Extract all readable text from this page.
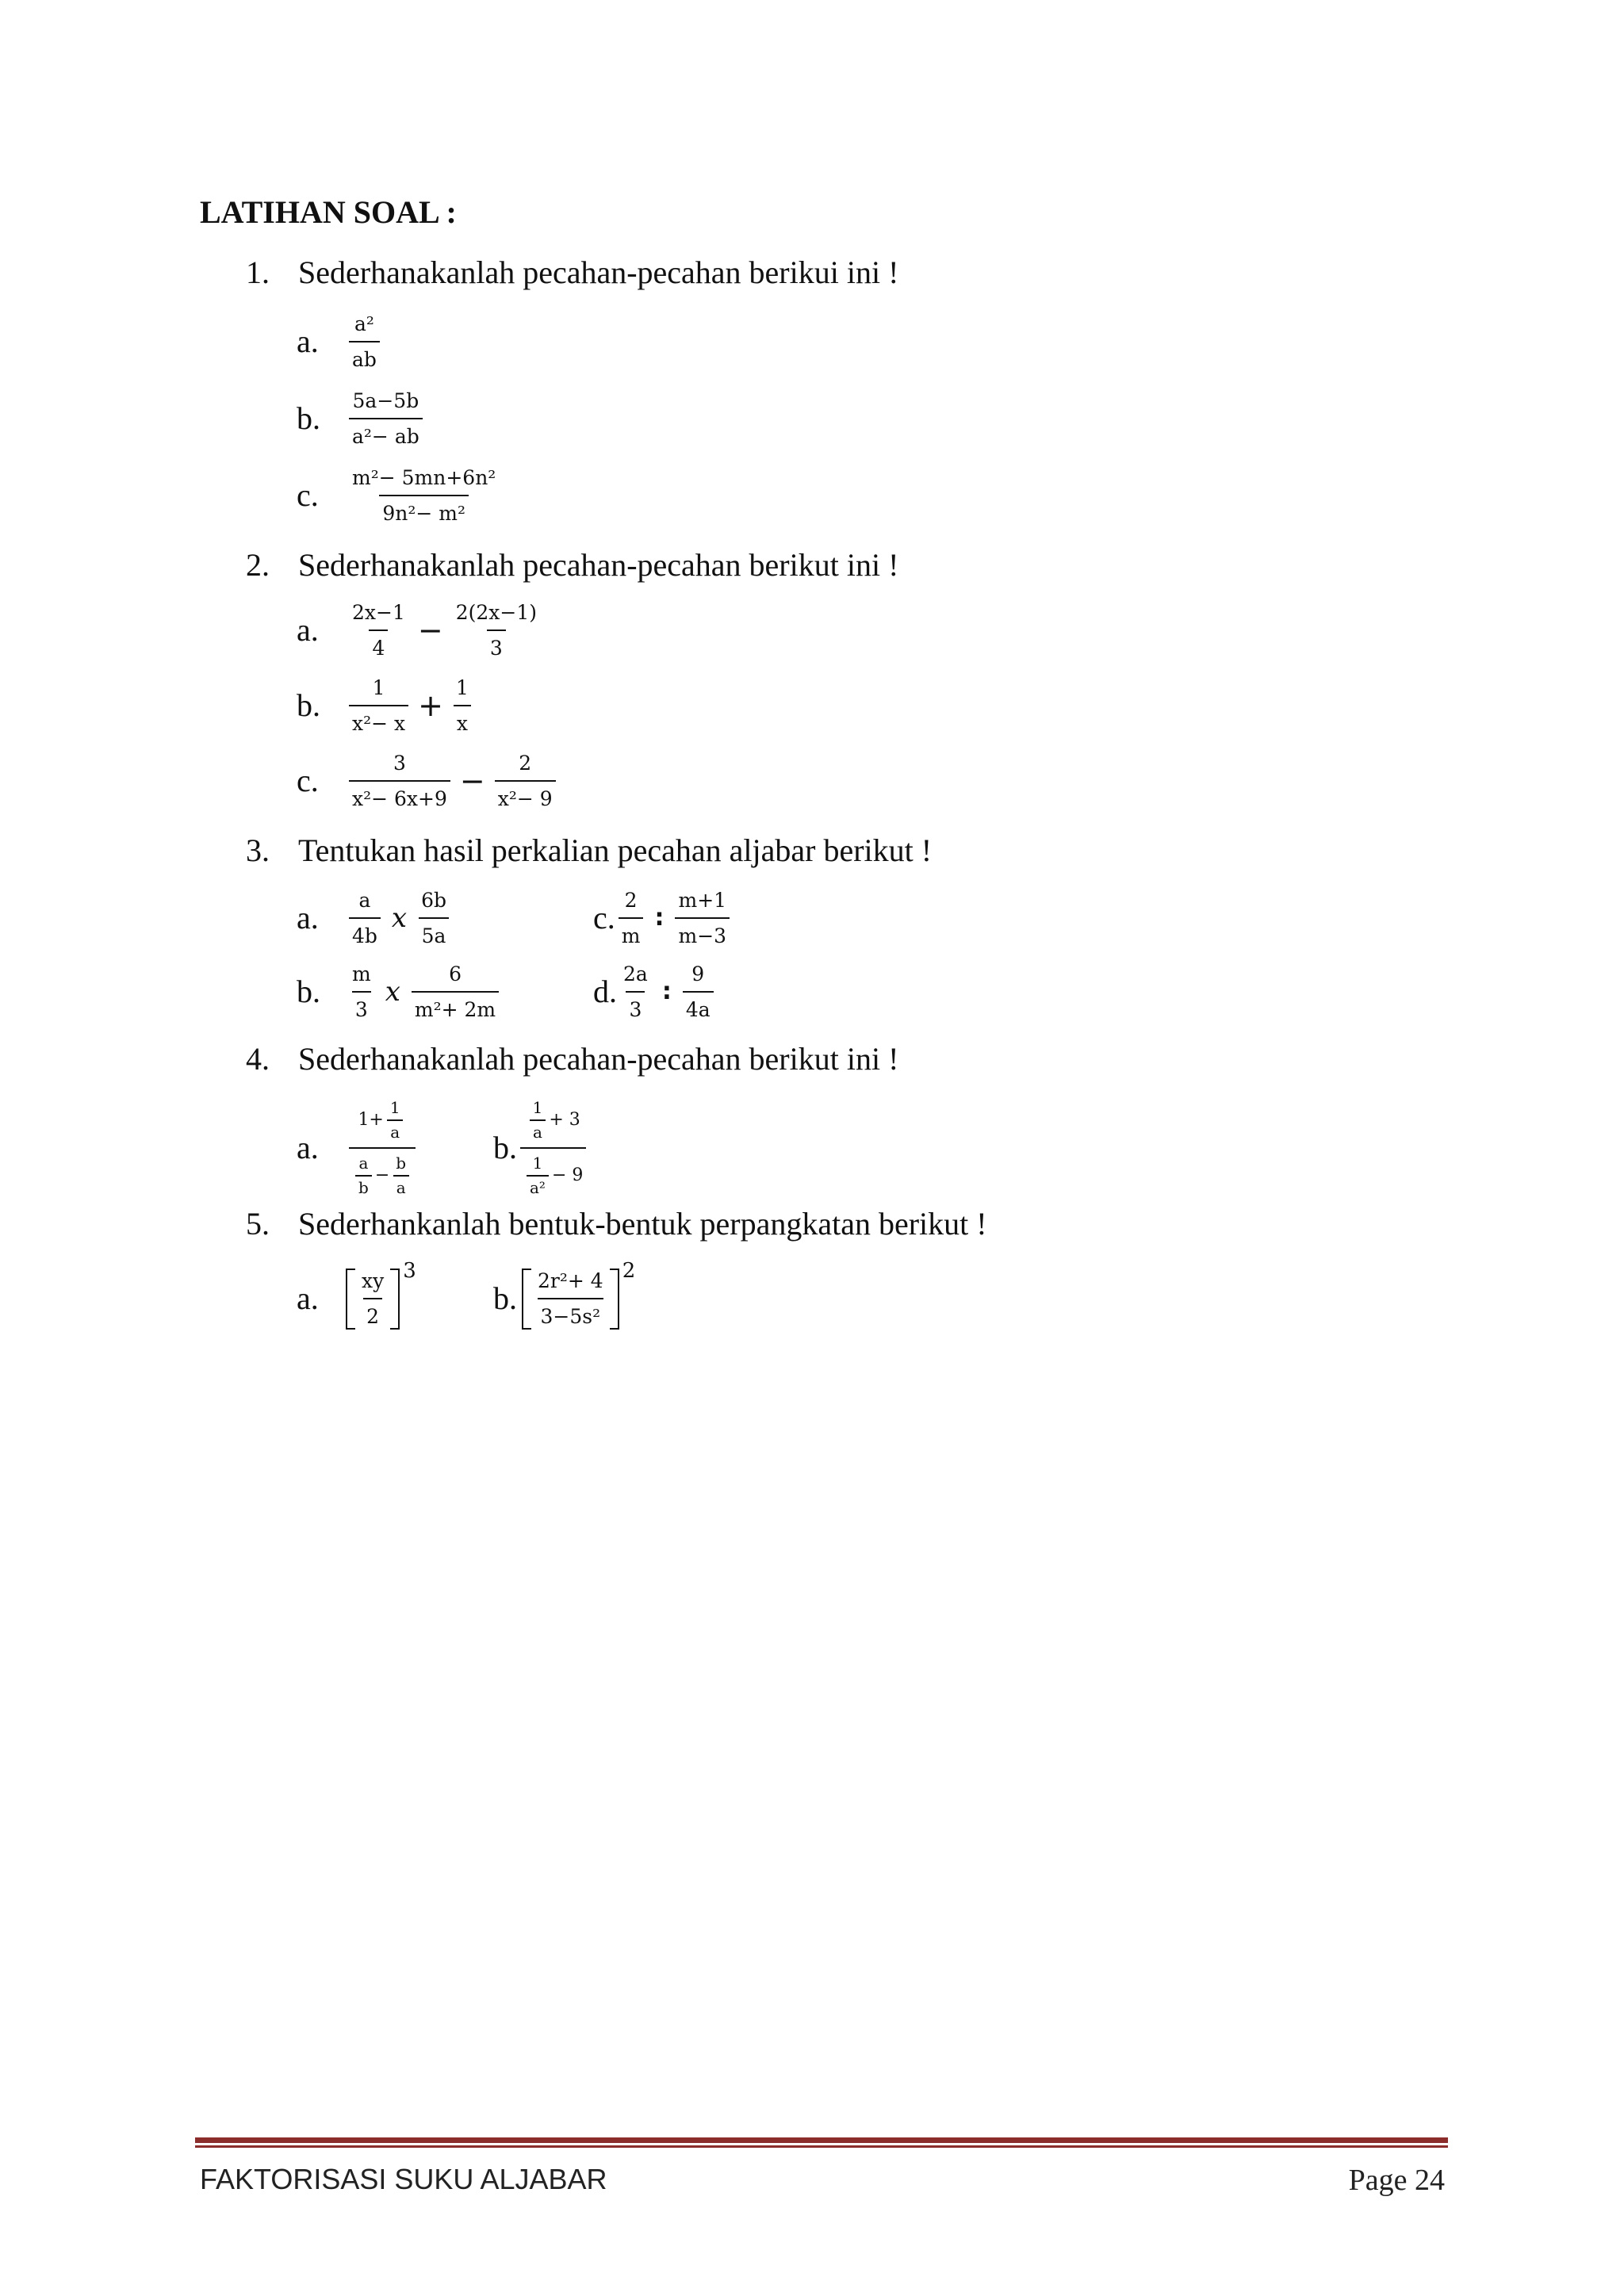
LATIHAN SOAL :
1. Sederhanakanlah pecahan-pecahan berikui ini !
a.	$\frac{\text{a²}}{ab}$
b.	$\frac{5a-5b}{\text{a²− ab}}$
c.	$\frac{\text{m²− 5mn+6n²}}{\text{9n²− m²}}$
2. Sederhanakanlah pecahan-pecahan berikut ini !
a.	$\frac{2x-1}{4} - \frac{2(2x-1)}{3}$
b.	$\frac{1}{\text{x²− x}} + \frac{1}{x}$
c.	$\frac{3}{\text{x²− 6x+9}} - \frac{2}{\text{x²− 9}}$
3. Tentukan hasil perkalian pecahan aljabar berikut !
a.	$\frac{a}{4b}$ x $\frac{6b}{5a}$
b.	$\frac{m}{3}$ x $\frac{6}{\text{m²+ 2m}}$
c. $\frac{2}{m}$ : $\frac{m+1}{m-3}$
d. $\frac{2a}{3}$ : $\frac{9}{4a}$
4. Sederhanakanlah pecahan-pecahan berikut ini !
a.	$\frac{1+ \frac{1}{a}}{\frac{a}{b} - \frac{b}{a}} b$. $\frac{\frac{1}{a} + 3}{\frac{1}{\text{a²}} - 9}$
5. Sederhankanlah bentuk-bentuk perpangkatan berikut !
a.	$\frac{xy}{2} 3$
b. $\frac{\text{2r²+ 4}}{\text{3−5s²}} 2$
FAKTORISASI SUKU ALJABAR	Page 24
